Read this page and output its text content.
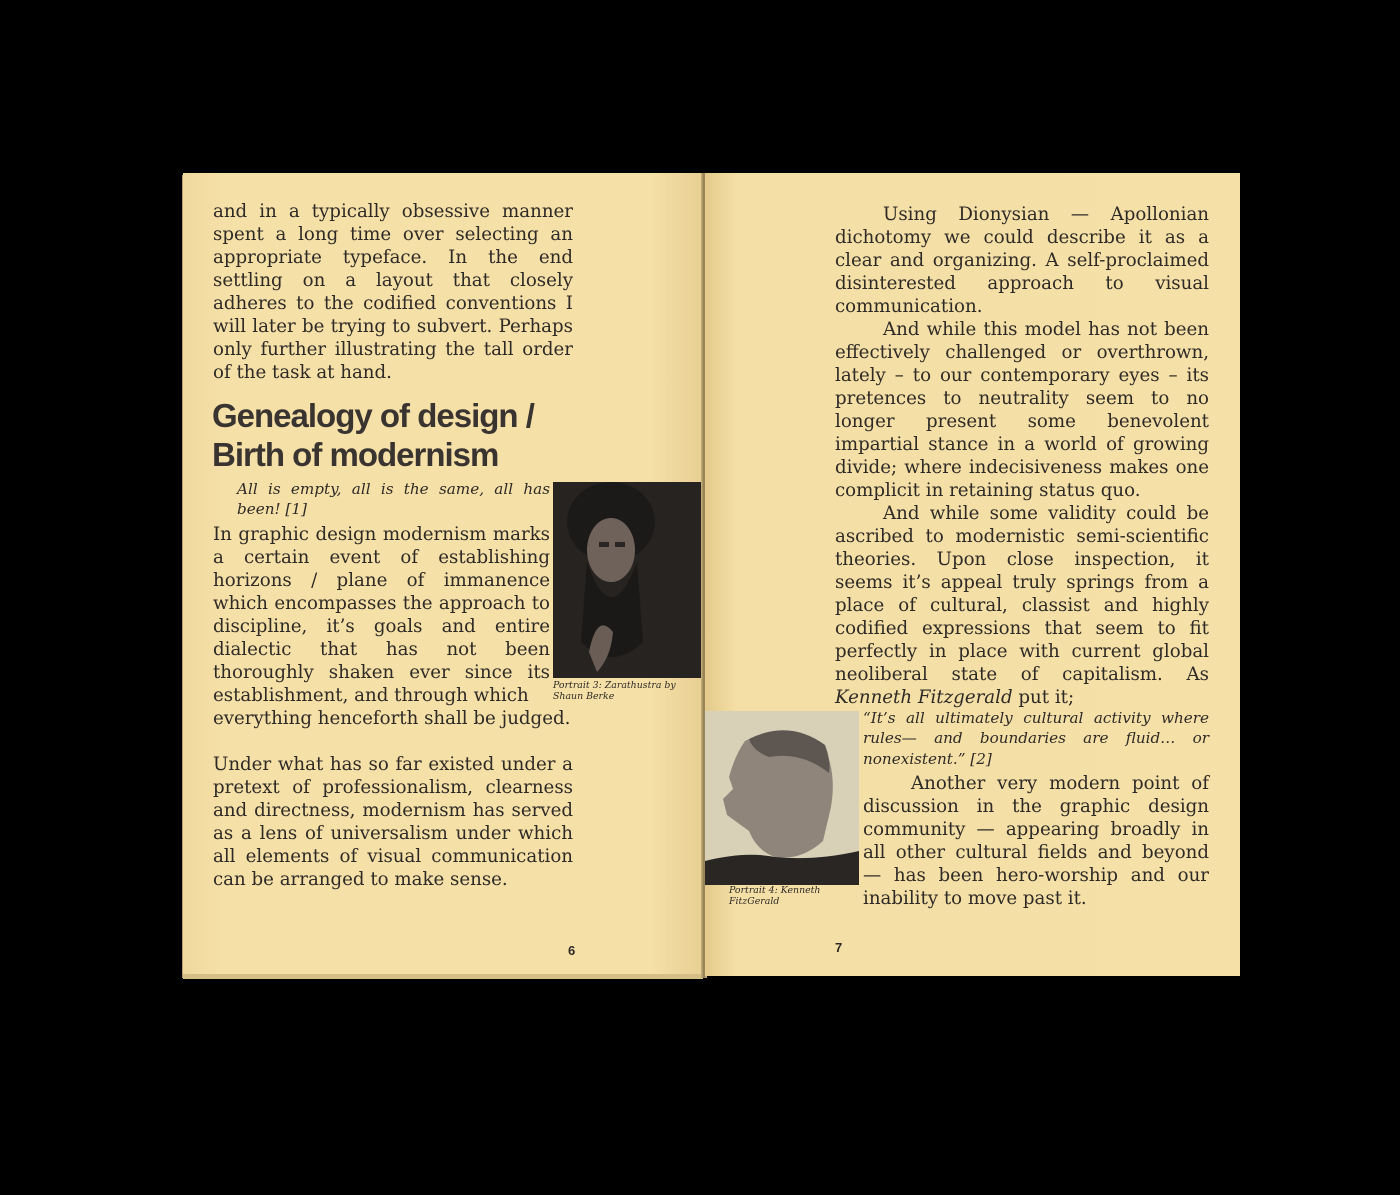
and in a typically obsessive manner spent a long time over selecting an appropriate typeface. In the end settling on a layout that closely adheres to the codified conventions I will later be trying to subvert. Perhaps only further illustrating the tall order of the task at hand.

Genealogy of design / Birth of modernism

All is empty, all is the same, all has been! [1]

In graphic design modernism marks a certain event of establishing horizons / plane of immanence which encompasses the approach to discipline, it’s goals and entire dialectic that has not been thoroughly shaken ever since its establishment, and through which

everything henceforth shall be judged.

Under what has so far existed under a pretext of professionalism, clearness and directness, modernism has served as a lens of universalism under which all elements of visual communication can be arranged to make sense.

Portrait 3: Zarathustra by Shaun Berke

6

Using Dionysian — Apollonian dichotomy we could describe it as a clear and organizing. A self-proclaimed disinterested approach to visual communication.

And while this model has not been effectively challenged or overthrown, lately – to our contemporary eyes – its pretences to neutrality seem to no longer present some benevolent impartial stance in a world of growing divide; where indecisiveness makes one complicit in retaining status quo.

And while some validity could be ascribed to modernistic semi-scientific theories. Upon close inspection, it seems it’s appeal truly springs from a place of cultural, classist and highly codified expressions that seem to fit perfectly in place with current global neoliberal state of capitalism. As Kenneth Fitzgerald put it;

Portrait 4: Kenneth FitzGerald

“It’s all ultimately cultural activity where rules— and boundaries are fluid… or nonexistent.” [2]

Another very modern point of discussion in the graphic design community — appearing broadly in all other cultural fields and beyond — has been hero-worship and our inability to move past it.

7
